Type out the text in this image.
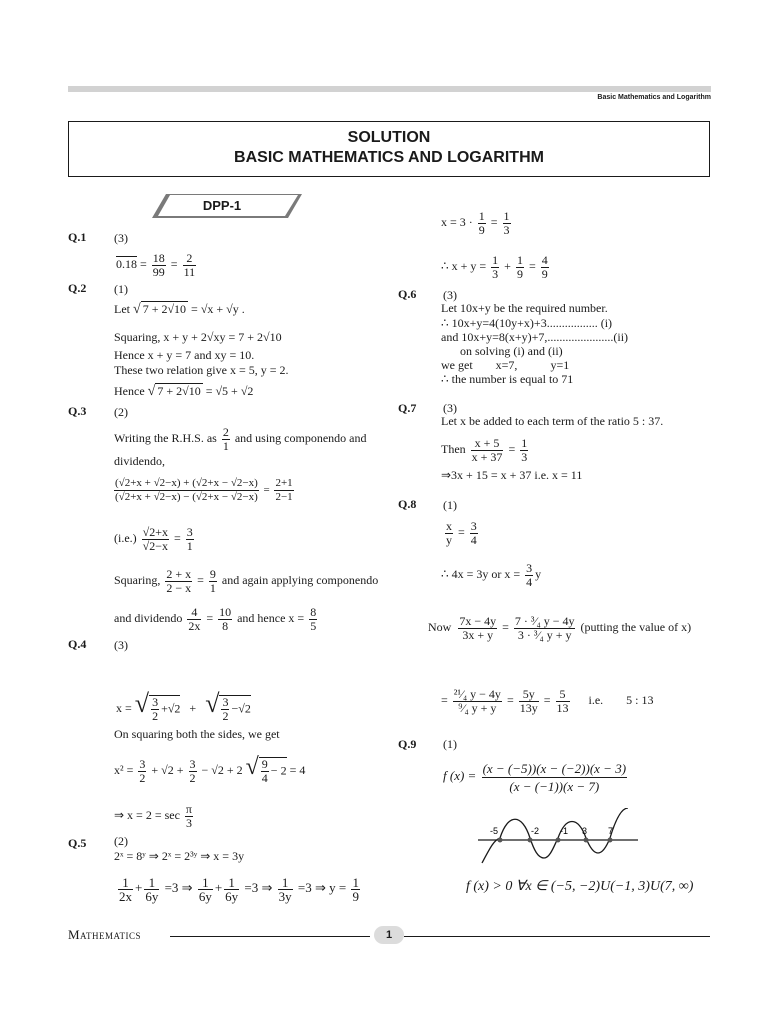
Basic Mathematics and Logarithm
SOLUTION
BASIC MATHEMATICS AND LOGARITHM
DPP-1
Q.1 (3)
$0.18 = \frac{18}{99} = \frac{2}{11}$
Q.2 (1)
Let √ 7 + 2√10 = √x + √y .
Squaring, x + y + 2√xy = 7 + 2√10
Hence x + y = 7 and xy = 10.
These two relation give x = 5, y = 2.
Hence √ 7 + 2√10 = √5 + √2
Q.3 (2)
Writing the R.H.S. as $\frac{2}{1}$ and using componendo and
dividendo,
$\frac{(√2+x + √2-x) + (√2+x - √2-x)}{(√2+x + √2-x) - (√2+x - √2-x)} = \frac{2+1}{2-1}$
$(i.e.) \frac{√2+x}{√2-x} = \frac{3}{1}$
Squaring, $\frac{2 + x}{2 - x} = \frac{9}{1}$ and again applying componendo
and dividendo $\frac{4}{2x} = \frac{10}{8}$ and hence $x = \frac{8}{5}$
Q.4 (3)
x = √ $\frac{3}{2} +√2$ + √ $\frac{3}{2} -√2$
On squaring both the sides, we get
$x^2 = \frac{3}{2} + √2 + \frac{3}{2} - √2 + 2$ √ $\frac{9}{4} - 2 = 4$
⇒ $x = 2 = \sec \frac{\pi}{3}$
Q.5 (2)
2ˣ = 8ʸ ⇒ 2ˣ = 2³ʸ ⇒ x = 3y
$\frac{1}{2x} + \frac{1}{6y} =3$ ⇒ $\frac{1}{6y} + \frac{1}{6y} =3$ ⇒ $\frac{1}{3y} =3$ ⇒ $y = \frac{1}{9}$
$x = 3 \cdot \frac{1}{9} = \frac{1}{3}$
∴ $x + y = \frac{1}{3} + \frac{1}{9} = \frac{4}{9}$
Q.6 (3)
Let 10x+y be the required number.
∴ 10x+y=4(10y+x)+3................. (i)
and 10x+y=8(x+y)+7,......................(ii)
on solving (i) and (ii)
we get x=7,	y=1
∴ the number is equal to 71
Q.7 (3)
Let x be added to each term of the ratio 5 : 37.
Then $\frac{x + 5}{x + 37} = \frac{1}{3}$
⇒3x + 15 = x + 37 i.e. x = 11
Q.8 (1)
$\frac{x}{y} = \frac{3}{4}$
∴ 4x = 3y or $x = \frac{3}{4}$ y
Now $\frac{7x - 4y}{3x + y} = \frac{\text{7 · ³⁄₄ y − 4y}}{\text{3 · ³⁄₄ y + y}}$ (putting the value of x)
= $\frac{\text{²¹⁄₄ y − 4y}}{\text{⁹⁄₄ y + y}} = \frac{5y}{13y} = \frac{5}{13} i.e$. 5 : 13
Q.9 (1)
f $(x) = \frac{(x - (-5))(x - (-2))(x - 3)}{(x - (-1))(x - 7)}$
-5	-2 -1 3 7
f (x) > 0 ∀x ∈ (−5, −2)U(−1, 3)U(7, ∞)
Mathematics	1
